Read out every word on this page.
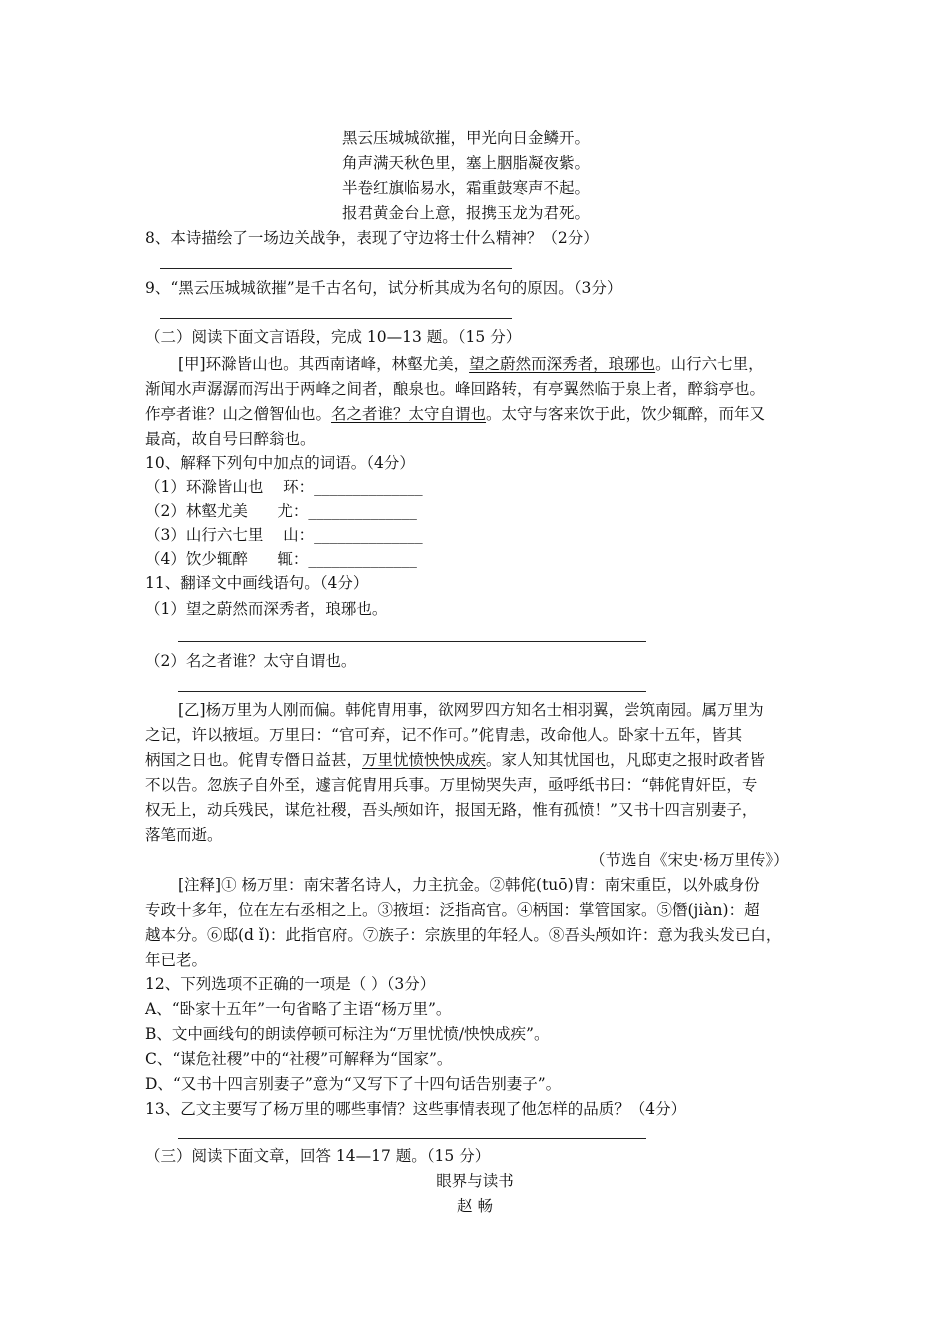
黑云压城城欲摧，甲光向日金鳞开。
角声满天秋色里，塞上胭脂凝夜紫。
半卷红旗临易水，霜重鼓寒声不起。
报君黄金台上意，报携玉龙为君死。
8、本诗描绘了一场边关战争，表现了守边将士什么精神？（2分）
9、“黑云压城城欲摧”是千古名句，试分析其成为名句的原因。（3分）
（二）阅读下面文言语段，完成 10—13 题。（15 分）
[甲]环滁皆山也。其西南诸峰，林壑尤美，望之蔚然而深秀者，琅琊也。山行六七里，
渐闻水声潺潺而泻出于两峰之间者，酿泉也。峰回路转，有亭翼然临于泉上者，醉翁亭也。
作亭者谁？山之僧智仙也。名之者谁？太守自谓也。太守与客来饮于此，饮少辄醉，而年又
最高，故自号曰醉翁也。
10、解释下列句中加点的词语。（4分）
（1）环滁皆山也    环：______________
（2）林壑尤美      尤：______________
（3）山行六七里    山：______________
（4）饮少辄醉      辄：______________
11、翻译文中画线语句。（4分）
（1）望之蔚然而深秀者，琅琊也。
（2）名之者谁？太守自谓也。
[乙]杨万里为人刚而偏。韩侂胄用事，欲网罗四方知名士相羽翼，尝筑南园。属万里为
之记，许以掖垣。万里曰：“官可弃，记不作可。”侂胄恚，改命他人。卧家十五年，皆其
柄国之日也。侂胄专僭日益甚，万里忧愤怏怏成疾。家人知其忧国也，凡邸吏之报时政者皆
不以告。忽族子自外至，遽言侂胄用兵事。万里恸哭失声，亟呼纸书曰：“韩侂胄奸臣，专
权无上，动兵残民，谋危社稷，吾头颅如许，报国无路，惟有孤愤！”又书十四言别妻子，
落笔而逝。
（节选自《宋史·杨万里传》）
[注释]① 杨万里：南宋著名诗人，力主抗金。②韩侂(tuō)胄：南宋重臣，以外戚身份
专政十多年，位在左右丞相之上。③掖垣：泛指高官。④柄国：掌管国家。⑤僭(jiàn)：超
越本分。⑥邸(d ǐ)：此指官府。⑦族子：宗族里的年轻人。⑧吾头颅如许：意为我头发已白，
年已老。
12、下列选项不正确的一项是（ ）（3分）
A、“卧家十五年”一句省略了主语“杨万里”。
B、文中画线句的朗读停顿可标注为“万里忧愤/怏怏成疾”。
C、“谋危社稷”中的“社稷”可解释为“国家”。
D、“又书十四言别妻子”意为“又写下了十四句话告别妻子”。
13、乙文主要写了杨万里的哪些事情？这些事情表现了他怎样的品质？（4分）
（三）阅读下面文章，回答 14—17 题。（15 分）
眼界与读书
赵 畅
